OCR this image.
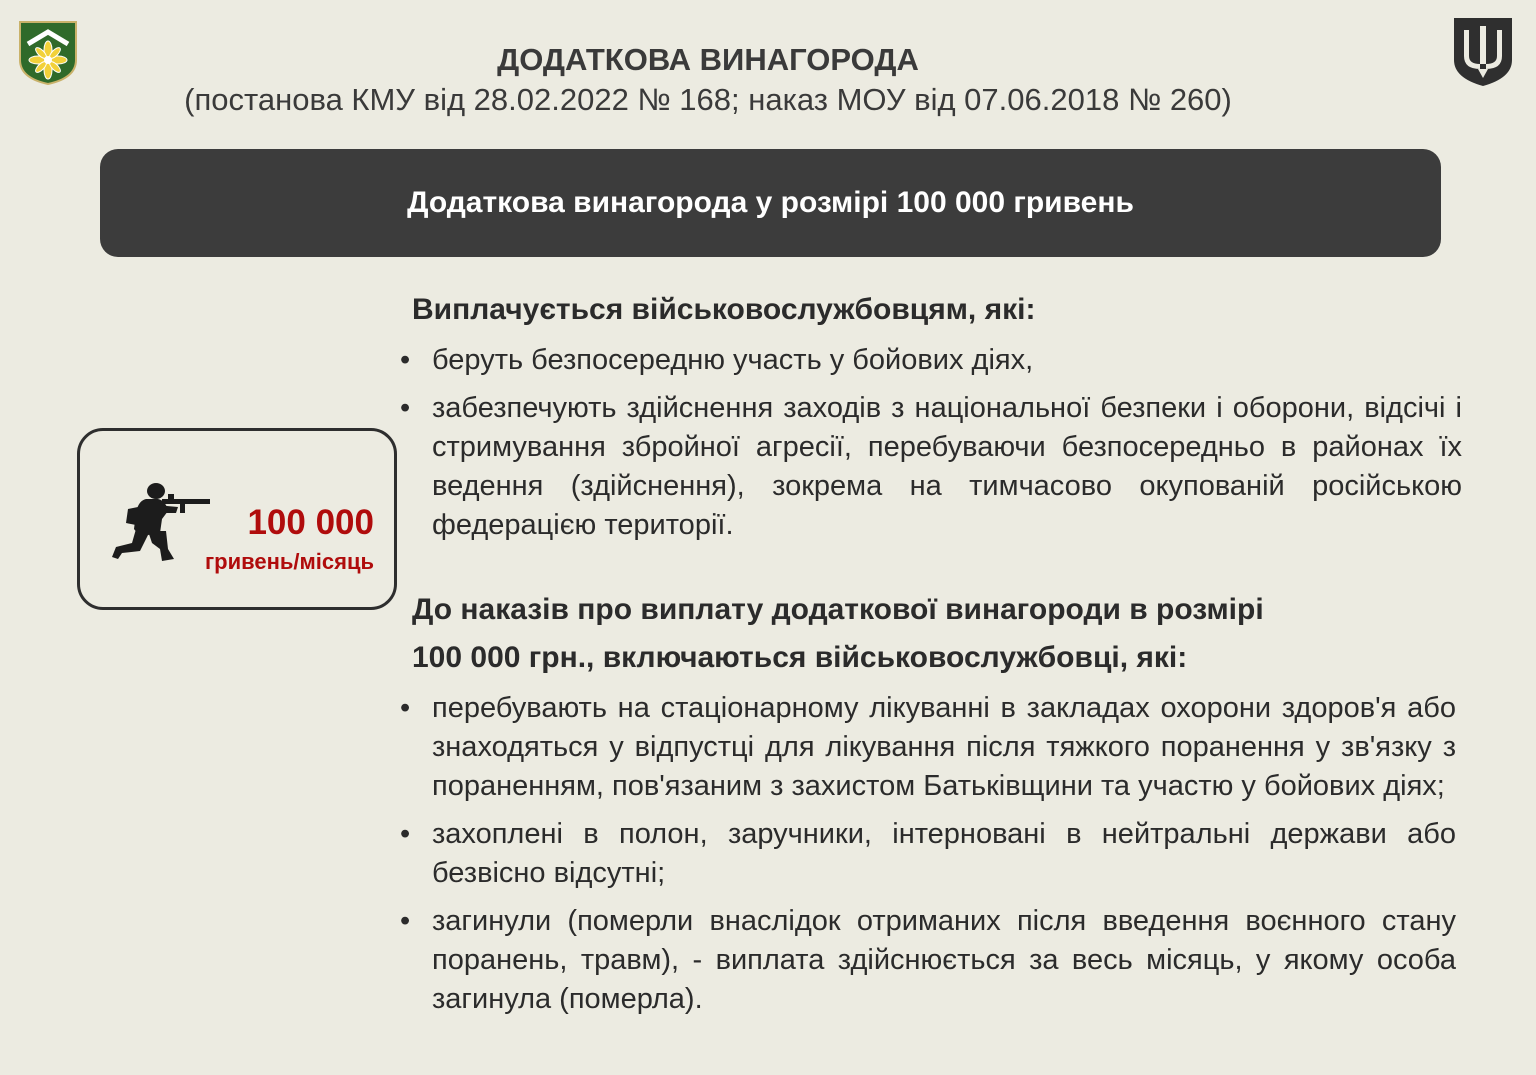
ДОДАТКОВА ВИНАГОРОДА
(постанова КМУ від 28.02.2022 № 168; наказ МОУ від 07.06.2018 № 260)
Додаткова винагорода у розмірі 100 000 гривень
100 000
гривень/місяць
Виплачується військовослужбовцям, які:
• беруть безпосередню участь у бойових діях,
• забезпечують здійснення заходів з національної безпеки і оборони, відсічі і стримування збройної агресії, перебуваючи безпосередньо в районах їх ведення (здійснення), зокрема на тимчасово окупованій російською федерацією території.
До наказів про виплату додаткової винагороди в розмірі
100 000 грн., включаються військовослужбовці, які:
• перебувають на стаціонарному лікуванні в закладах охорони здоров'я або знаходяться у відпустці для лікування після тяжкого поранення у зв'язку з пораненням, пов'язаним з захистом Батьківщини та участю у бойових діях;
• захоплені в полон, заручники, інтерновані в нейтральні держави або безвісно відсутні;
• загинули (померли внаслідок отриманих після введення воєнного стану поранень, травм), - виплата здійснюється за весь місяць, у якому особа загинула (померла).
